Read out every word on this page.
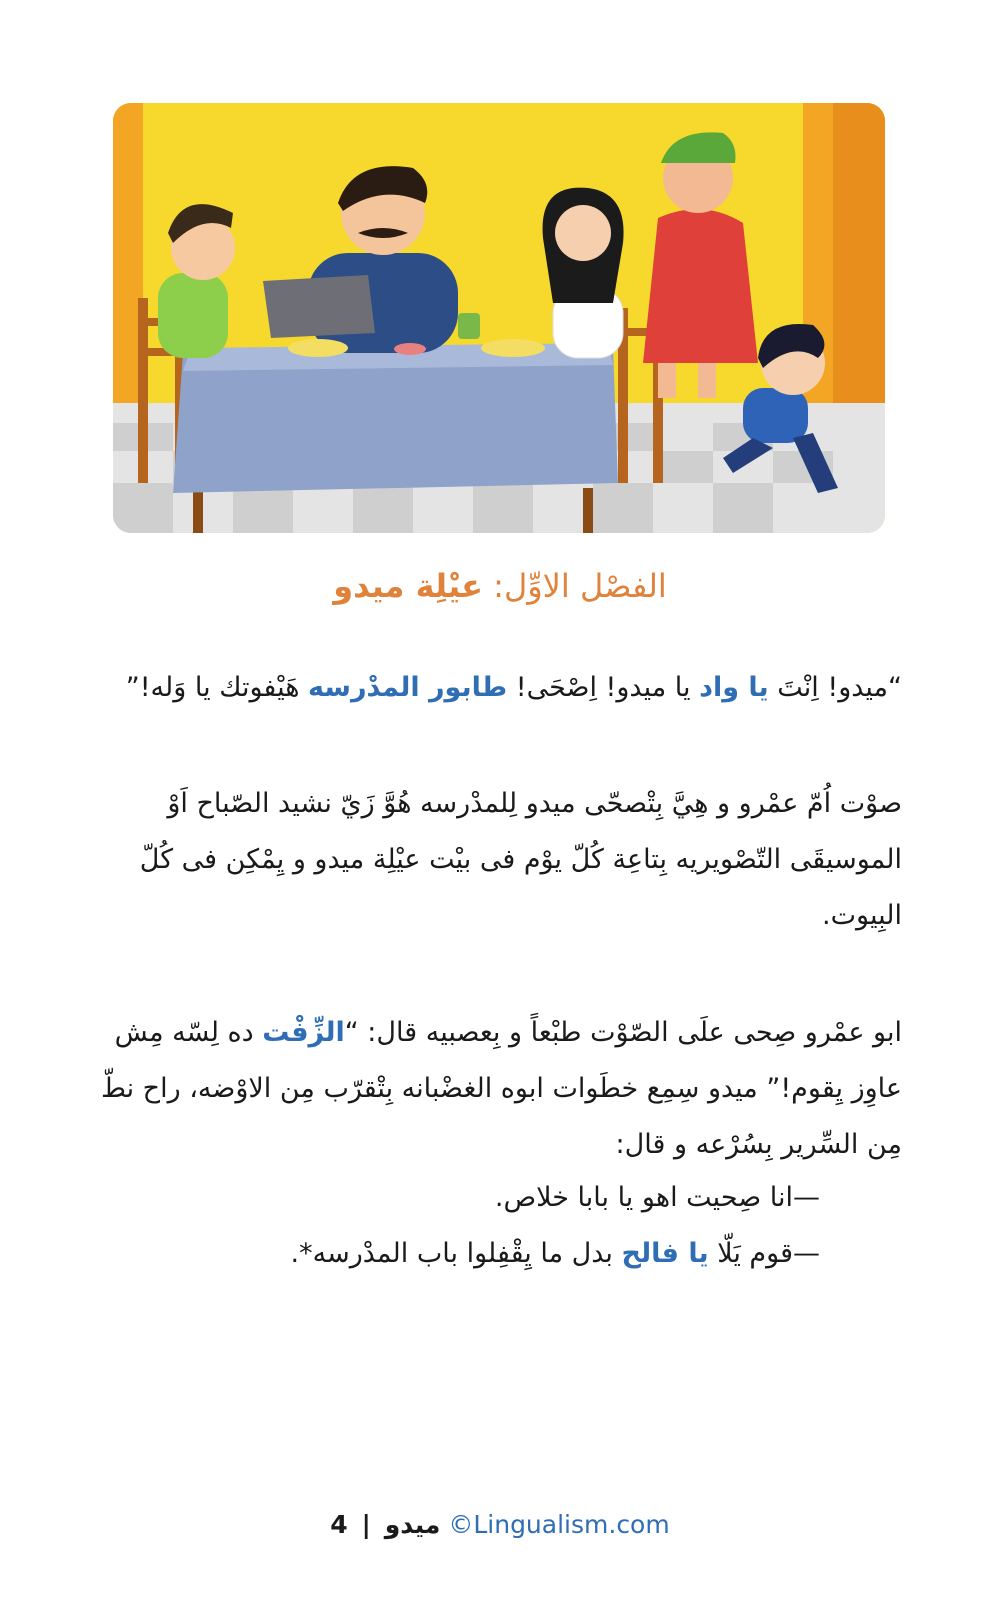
الفصْل الاوِّل: عيْلِة ميدو
“ميدو! اِنْتَ يا واد يا ميدو! اِصْحَى! طابور المدْرسه هَيْفوتك يا وَله!”
صوْت اُمّ عمْرو و هِيَّ بِتْصحّى ميدو لِلمدْرسه هُوَّ زَيّ نشيد الصّباح اَوْ الموسيقَى التّصْويريه بِتاعِة كُلّ يوْم فى بيْت عيْلِة ميدو و يِمْكِن فى كُلّ البِيوت.
ابو عمْرو صِحى علَى الصّوْت طبْعاً و بِعصبيه قال: “الزِّفْت ده لِسّه مِش عاوِز يِقوم!” ميدو سِمِع خطَوات ابوه الغضْبانه بِتْقرّب مِن الاوْضه، راح نطّ مِن السِّرير بِسُرْعه و قال:
—انا صِحيت اهو يا بابا خلاص.
—قوم يَلّا يا فالح بدل ما يِقْفِلوا باب المدْرسه*.
4 | ميدو ©Lingualism.com
